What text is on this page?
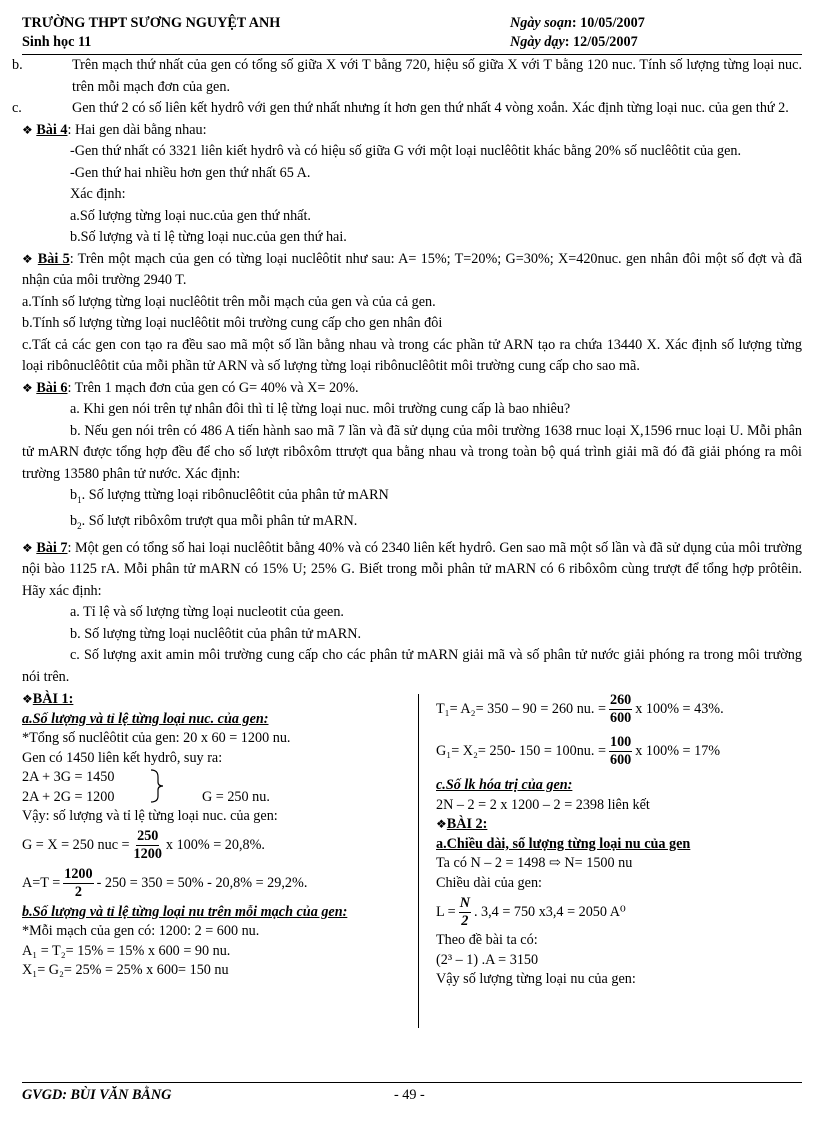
TRƯỜNG THPT SƯƠNG NGUYỆT ANH	Ngày soạn: 10/05/2007
Sinh học 11	Ngày dạy: 12/05/2007
b.	Trên mạch thứ nhất của gen có tổng số giữa X với T bằng 720, hiệu số giữa X với T bằng 120 nuc. Tính số lượng từng loại nuc. trên mỗi mạch đơn của gen.
c.	Gen thứ 2 có số liên kết hydrô với gen thứ nhất nhưng ít hơn gen thứ nhất 4 vòng xoắn. Xác định từng loại nuc. của gen thứ 2.
❖ Bài 4: Hai gen dài bằng nhau:
-Gen thứ nhất có 3321 liên kiết hydrô và có hiệu số giữa G với một loại nuclêôtit khác bằng 20% số nuclêôtit của gen.
-Gen thứ hai nhiều hơn gen thứ nhất 65 A.
Xác định:
a.Số lượng từng loại nuc.của gen thứ nhất.
b.Số lượng và tỉ lệ từng loại nuc.của gen thứ hai.
❖ Bài 5: Trên một mạch của gen có từng loại nuclêôtit như sau: A= 15%; T=20%; G=30%; X=420nuc. gen nhân đôi một số đợt và đã nhận của môi trường 2940 T.
a.Tính số lượng từng loại nuclêôtit trên mỗi mạch của gen và của cả gen.
b.Tính số lượng từng loại nuclêôtit môi trường cung cấp cho gen nhân đôi
c.Tất cả các gen con tạo ra đều sao mã một số lần bằng nhau và trong các phần tử ARN tạo ra chứa 13440 X. Xác định số lượng từng loại ribônuclêôtit của mỗi phần tử ARN và số lượng từng loại ribônuclêôtit môi trường cung cấp cho sao mã.
❖ Bài 6: Trên 1 mạch đơn của gen có G= 40% và X= 20%.
a. Khi gen nói trên tự nhân đôi thì tỉ lệ từng loại nuc. môi trường cung cấp là bao nhiêu?
b. Nếu gen nói trên có 486 A tiến hành sao mã 7 lần và đã sử dụng của môi trường 1638 rnuc loại X,1596 rnuc loại U. Mỗi phân tử mARN được tổng hợp đều để cho số lượt ribôxôm ttrượt qua bằng nhau và trong toàn bộ quá trình giải mã đó đã giải phóng ra môi trường 13580 phân tử nước. Xác định:
$b_1$. Số lượng ttừng loại ribônuclêôtit của phân tử mARN
$b_2$. Số lượt ribôxôm trượt qua mỗi phân tử mARN.
❖ Bài 7: Một gen có tổng số hai loại nuclêôtit bằng 40% và có 2340 liên kết hydrô. Gen sao mã một số lần và đã sử dụng của môi trường nội bào 1125 rA. Mỗi phân tử mARN có 15% U; 25% G. Biết trong mỗi phân tử mARN có 6 ribôxôm cùng trượt để tổng hợp prôtêin. Hãy xác định:
a. Tỉ lệ và số lượng từng loại nucleotit của geen.
b. Số lượng từng loại nuclêôtit của phân tử mARN.
c. Số lượng axit amin môi trường cung cấp cho các phân tử mARN giải mã và số phân tử nước giải phóng ra trong môi trường nói trên.
❖BÀI 1:
a.Số lượng và tỉ lệ từng loại nuc. của gen:
*Tổng số nuclêôtit của gen: 20 x 60 = 1200 nu.
Gen có 1450 liên kết hydrô, suy ra:
2A + 3G = 1450
2A + 2G = 1200	G = 250 nu.
Vậy: số lượng và tỉ lệ từng loại nuc. của gen:
G = X = 250 nuc = $\frac{250}{1200}$ x 100% = 20,8%.
$A=T = \frac{1200}{2} - 250 = 350 = 50\% - 20,8\% = 29,2\%$.
b.Số lượng và tỉ lệ từng loại nu trên mỗi mạch của gen:
*Mỗi mạch của gen có: 1200: 2 = 600 nu.
A₁ = T₂= 15% = 15% x 600 = 90 nu.
X₁= G₂= 25% = 25% x 600= 150 nu
T₁= A₂= 350 – 90 = 260 nu. = $\frac{260}{600}$ x 100% = 43%.
G₁= X₂= 250- 150 = 100nu. = $\frac{100}{600}$ x 100% = 17%
c.Số lk hóa trị của gen:
2N – 2 = 2 x 1200 – 2 = 2398 liên kết
❖BÀI 2:
a.Chiều dài, số lượng từng loại nu của gen
Ta có N – 2 = 1498 ⇨ N= 1500 nu
Chiều dài của gen:
$L = \frac{N}{2}$ . 3,4 = 750 x3,4 = 2050 A⁰
Theo đề bài ta có:
(2³ – 1) .A = 3150
Vậy số lượng từng loại nu của gen:
GVGD: BÙI VĂN BẰNG	- 49 -
